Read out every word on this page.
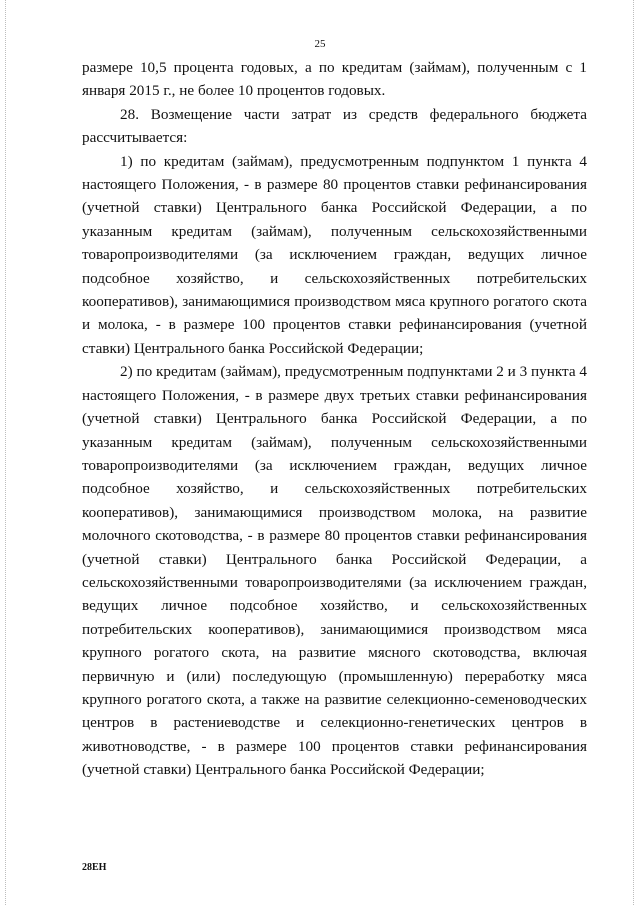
25

размере 10,5 процента годовых, а по кредитам (займам), полученным с 1 января 2015 г., не более 10 процентов годовых.

28. Возмещение части затрат из средств федерального бюджета рассчитывается:

1) по кредитам (займам), предусмотренным подпунктом 1 пункта 4 настоящего Положения, - в размере 80 процентов ставки рефинансирования (учетной ставки) Центрального банка Российской Федерации, а по указанным кредитам (займам), полученным сельскохозяйственными товаропроизводителями (за исключением граждан, ведущих личное подсобное хозяйство, и сельскохозяйственных потребительских кооперативов), занимающимися производством мяса крупного рогатого скота и молока, - в размере 100 процентов ставки рефинансирования (учетной ставки) Центрального банка Российской Федерации;

2) по кредитам (займам), предусмотренным подпунктами 2 и 3 пункта 4 настоящего Положения, - в размере двух третьих ставки рефинансирования (учетной ставки) Центрального банка Российской Федерации, а по указанным кредитам (займам), полученным сельскохозяйственными товаропроизводителями (за исключением граждан, ведущих личное подсобное хозяйство, и сельскохозяйственных потребительских кооперативов), занимающимися производством молока, на развитие молочного скотоводства, - в размере 80 процентов ставки рефинансирования (учетной ставки) Центрального банка Российской Федерации, а сельскохозяйственными товаропроизводителями (за исключением граждан, ведущих личное подсобное хозяйство, и сельскохозяйственных потребительских кооперативов), занимающимися производством мяса крупного рогатого скота, на развитие мясного скотоводства, включая первичную и (или) последующую (промышленную) переработку мяса крупного рогатого скота, а также на развитие селекционно-семеноводческих центров в растениеводстве и селекционно-генетических центров в животноводстве, - в размере 100 процентов ставки рефинансирования (учетной ставки) Центрального банка Российской Федерации;

28ЕН
